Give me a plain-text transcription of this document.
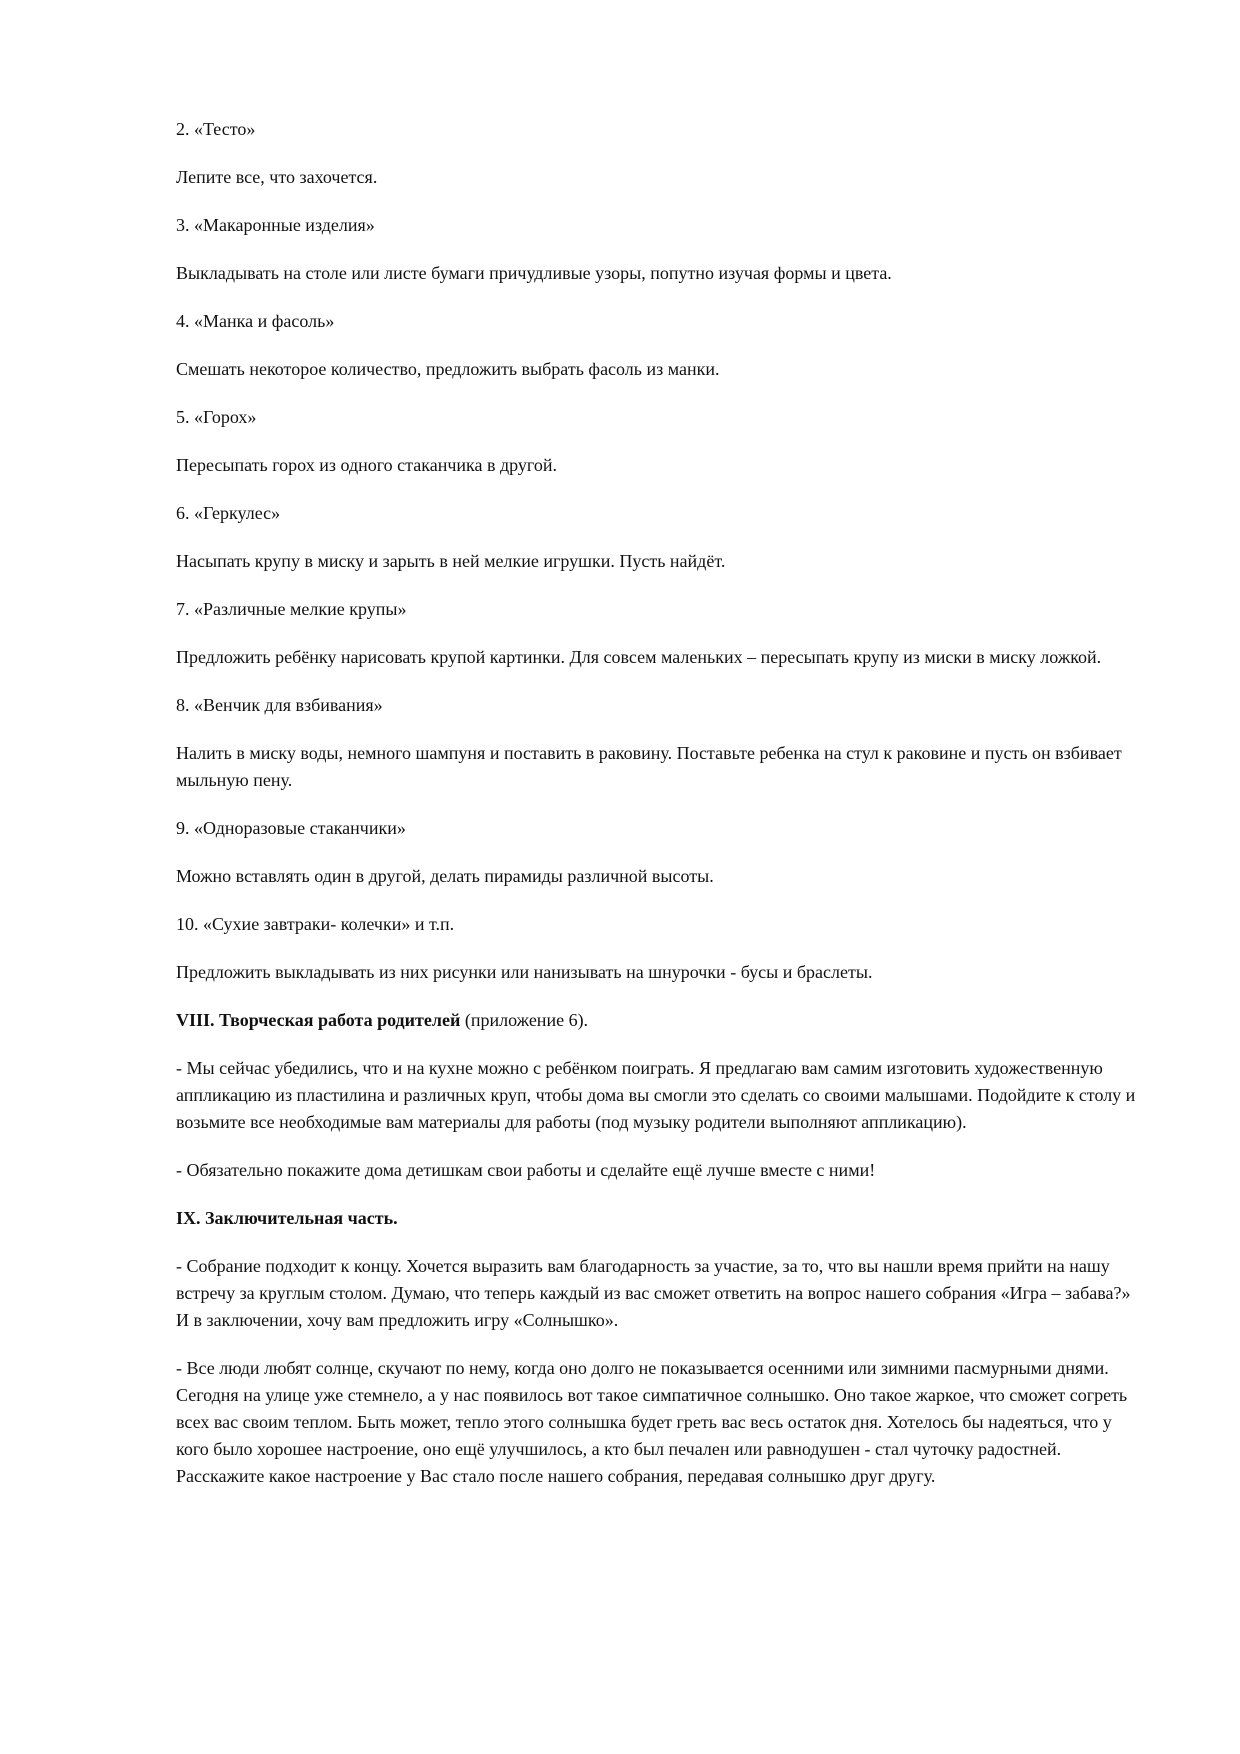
2. «Тесто»

Лепите все, что захочется.

3. «Макаронные изделия»

Выкладывать на столе или листе бумаги причудливые узоры, попутно изучая формы и цвета.

4. «Манка и фасоль»

Смешать некоторое количество, предложить выбрать фасоль из манки.

5. «Горох»

Пересыпать горох из одного стаканчика в другой.

6. «Геркулес»

Насыпать крупу в миску и зарыть в ней мелкие игрушки. Пусть найдёт.

7. «Различные мелкие крупы»

Предложить ребёнку нарисовать крупой картинки. Для совсем маленьких – пересыпать крупу из миски в миску ложкой.

8. «Венчик для взбивания»

Налить в миску воды, немного шампуня и поставить в раковину. Поставьте ребенка на стул к раковине и пусть он взбивает мыльную пену.

9. «Одноразовые стаканчики»

Можно вставлять один в другой, делать пирамиды различной высоты.

10. «Сухие завтраки- колечки» и т.п.

Предложить выкладывать из них рисунки или нанизывать на шнурочки - бусы и браслеты.

VIII. Творческая работа родителей (приложение 6).

- Мы сейчас убедились, что и на кухне можно с ребёнком поиграть. Я предлагаю вам самим изготовить художественную аппликацию из пластилина и различных круп, чтобы дома вы смогли это сделать со своими малышами. Подойдите к столу и возьмите все необходимые вам материалы для работы (под музыку родители выполняют аппликацию).

- Обязательно покажите дома детишкам свои работы и сделайте ещё лучше вместе с ними!

IX. Заключительная часть.

- Собрание подходит к концу. Хочется выразить вам благодарность за участие, за то, что вы нашли время прийти на нашу встречу за круглым столом. Думаю, что теперь каждый из вас сможет ответить на вопрос нашего собрания «Игра – забава?» И в заключении, хочу вам предложить игру «Солнышко».

- Все люди любят солнце, скучают по нему, когда оно долго не показывается осенними или зимними пасмурными днями. Сегодня на улице уже стемнело, а у нас появилось вот такое симпатичное солнышко. Оно такое жаркое, что сможет согреть всех вас своим теплом. Быть может, тепло этого солнышка будет греть вас весь остаток дня. Хотелось бы надеяться, что у кого было хорошее настроение, оно ещё улучшилось, а кто был печален или равнодушен - стал чуточку радостней. Расскажите какое настроение у Вас стало после нашего собрания, передавая солнышко друг другу.
